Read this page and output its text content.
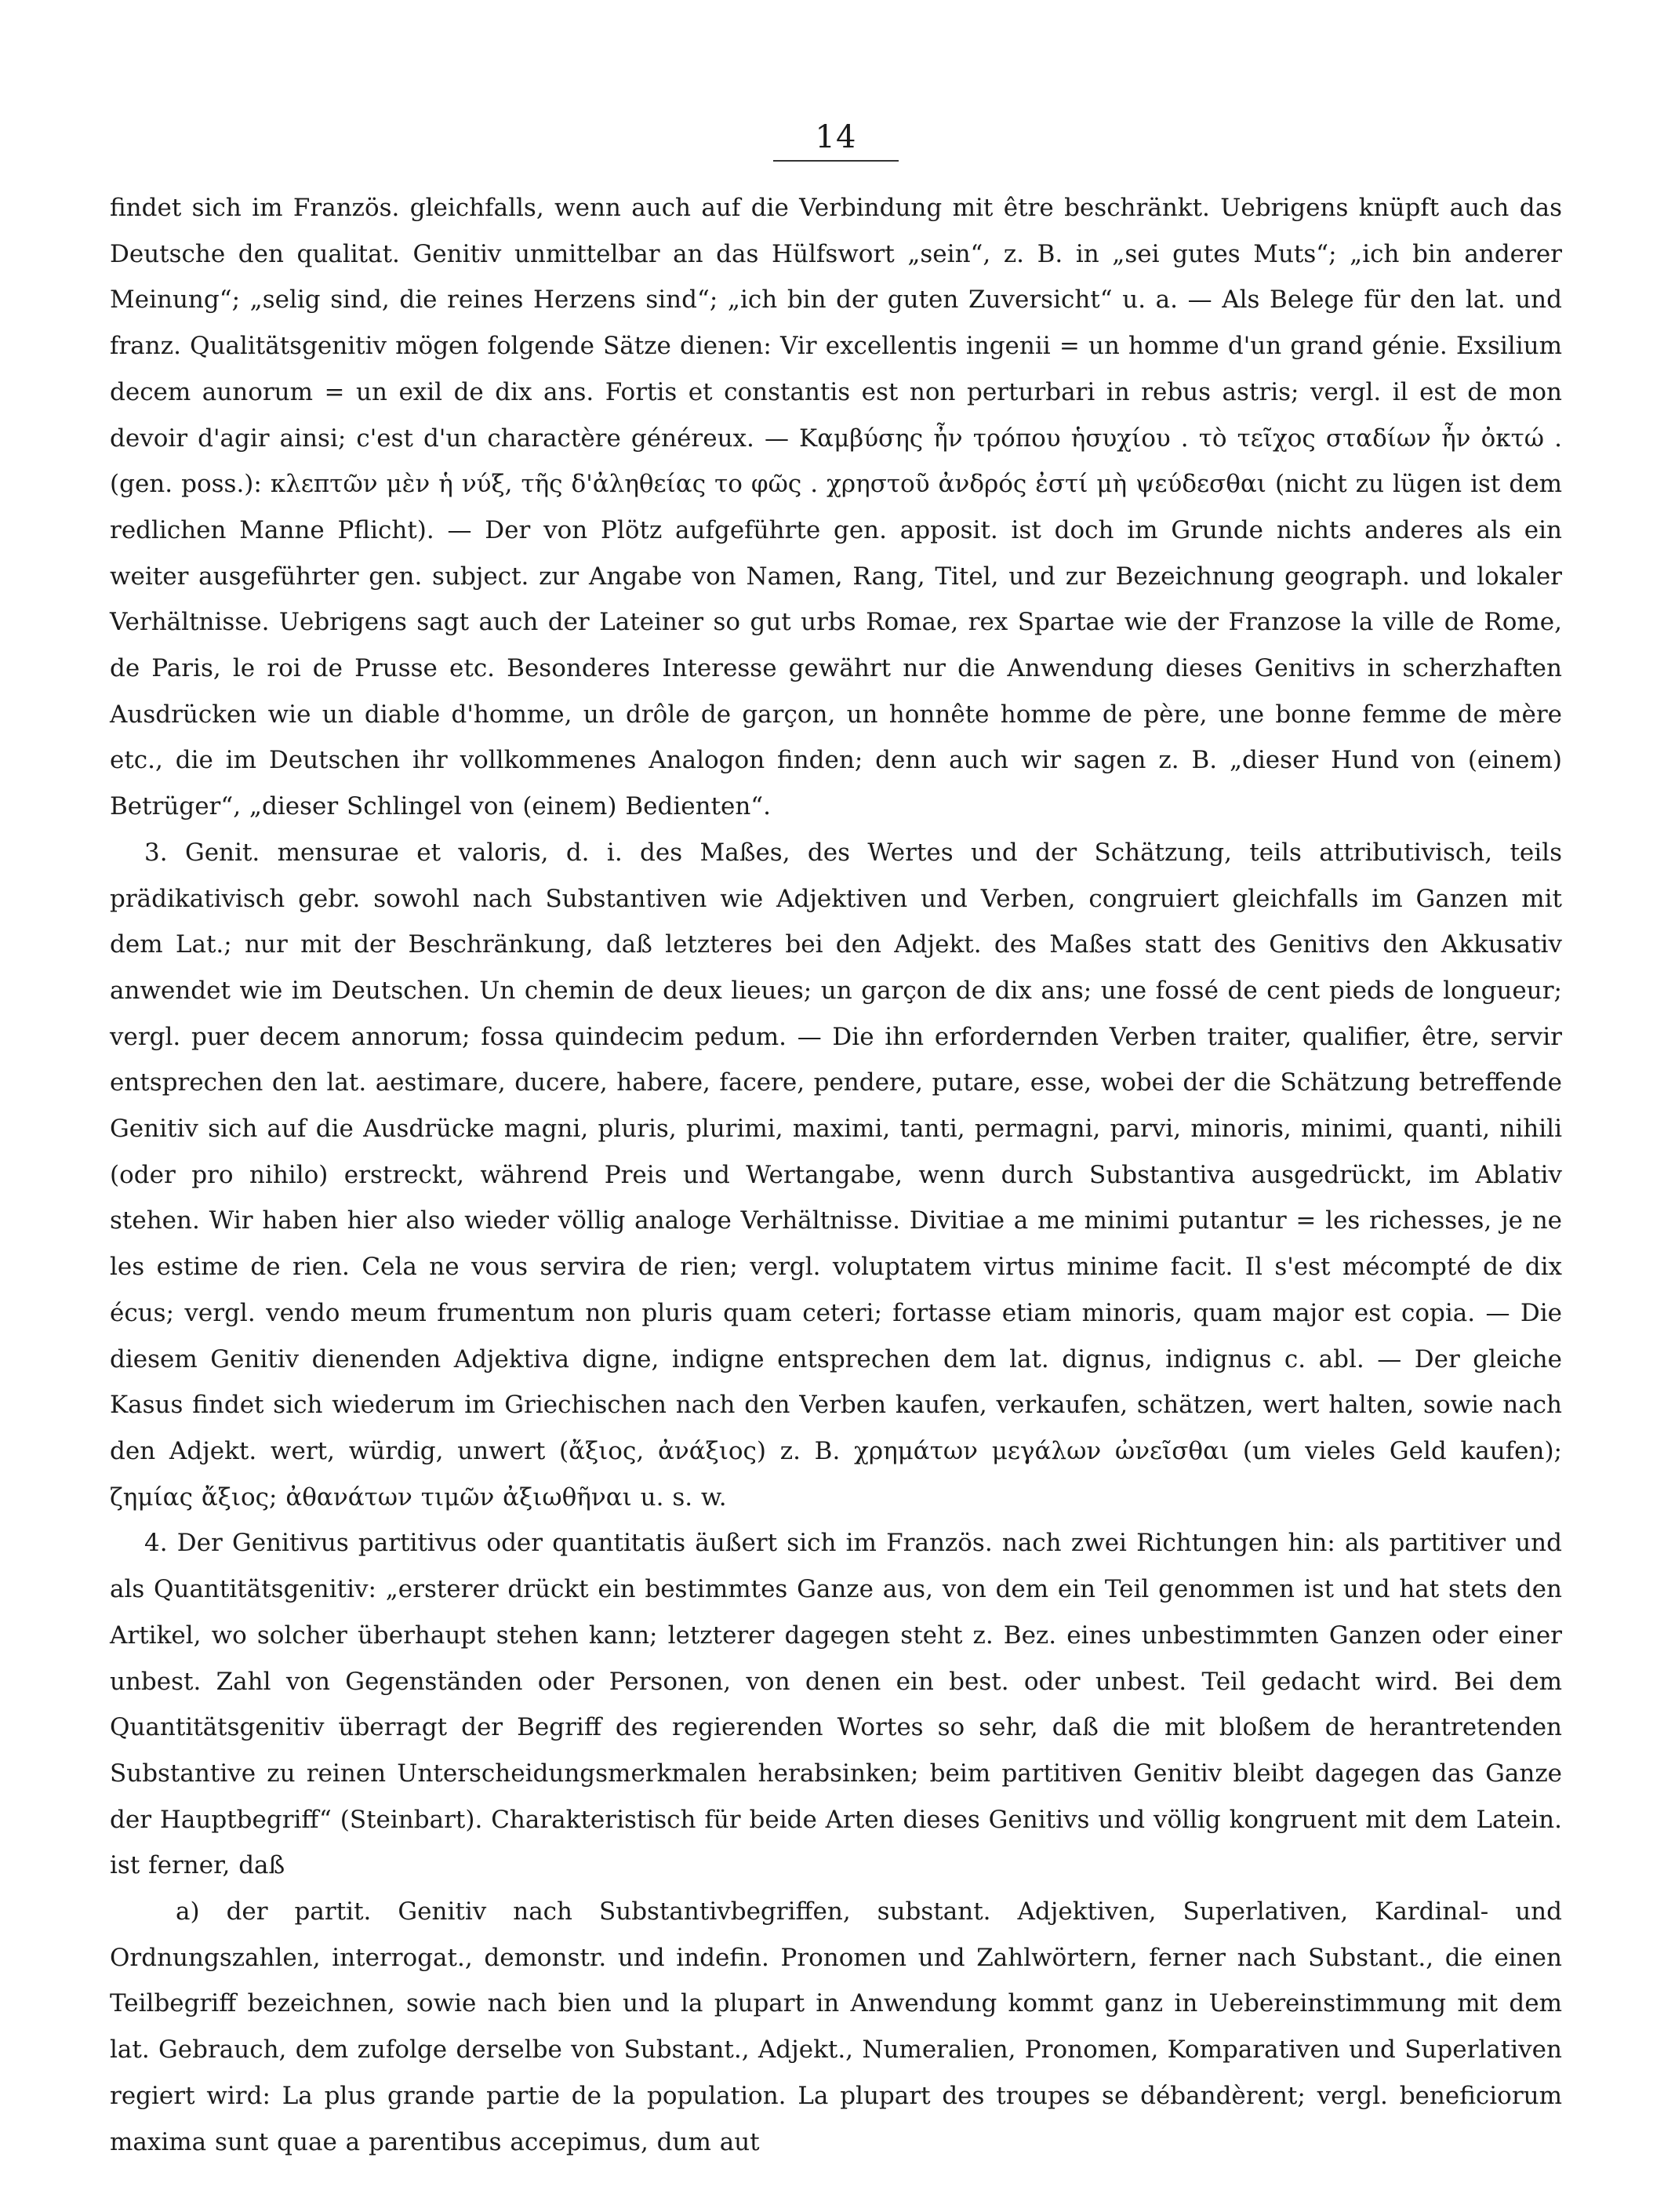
14

findet sich im Französ. gleichfalls, wenn auch auf die Verbindung mit être beschränkt. Uebrigens knüpft auch das Deutsche den qualitat. Genitiv unmittelbar an das Hülfswort „sein“, z. B. in „sei gutes Muts“; „ich bin anderer Meinung“; „selig sind, die reines Herzens sind“; „ich bin der guten Zuversicht“ u. a. — Als Belege für den lat. und franz. Qualitätsgenitiv mögen folgende Sätze dienen: Vir excellentis ingenii = un homme d'un grand génie. Exsilium decem aunorum = un exil de dix ans. Fortis et constantis est non perturbari in rebus astris; vergl. il est de mon devoir d'agir ainsi; c'est d'un charactère généreux. — Καμβύσης ἦν τρόπου ἡσυχίου . τὸ τεῖχος σταδίων ἦν ὀκτώ . (gen. poss.): κλεπτῶν μὲν ἡ νύξ, τῆς δ'ἀληθείας το φῶς . χρηστοῦ ἀνδρός ἐστί μὴ ψεύδεσθαι (nicht zu lügen ist dem redlichen Manne Pflicht). — Der von Plötz aufgeführte gen. apposit. ist doch im Grunde nichts anderes als ein weiter ausgeführter gen. subject. zur Angabe von Namen, Rang, Titel, und zur Bezeichnung geograph. und lokaler Verhältnisse. Uebrigens sagt auch der Lateiner so gut urbs Romae, rex Spartae wie der Franzose la ville de Rome, de Paris, le roi de Prusse etc. Besonderes Interesse gewährt nur die Anwendung dieses Genitivs in scherzhaften Ausdrücken wie un diable d'homme, un drôle de garçon, un honnête homme de père, une bonne femme de mère etc., die im Deutschen ihr vollkommenes Analogon finden; denn auch wir sagen z. B. „dieser Hund von (einem) Betrüger“, „dieser Schlingel von (einem) Bedienten“.

3. Genit. mensurae et valoris, d. i. des Maßes, des Wertes und der Schätzung, teils attributivisch, teils prädikativisch gebr. sowohl nach Substantiven wie Adjektiven und Verben, congruiert gleichfalls im Ganzen mit dem Lat.; nur mit der Beschränkung, daß letzteres bei den Adjekt. des Maßes statt des Genitivs den Akkusativ anwendet wie im Deutschen. Un chemin de deux lieues; un garçon de dix ans; une fossé de cent pieds de longueur; vergl. puer decem annorum; fossa quindecim pedum. — Die ihn erfordernden Verben traiter, qualifier, être, servir entsprechen den lat. aestimare, ducere, habere, facere, pendere, putare, esse, wobei der die Schätzung betreffende Genitiv sich auf die Ausdrücke magni, pluris, plurimi, maximi, tanti, permagni, parvi, minoris, minimi, quanti, nihili (oder pro nihilo) erstreckt, während Preis und Wertangabe, wenn durch Substantiva ausgedrückt, im Ablativ stehen. Wir haben hier also wieder völlig analoge Verhältnisse. Divitiae a me minimi putantur = les richesses, je ne les estime de rien. Cela ne vous servira de rien; vergl. voluptatem virtus minime facit. Il s'est mécompté de dix écus; vergl. vendo meum frumentum non pluris quam ceteri; fortasse etiam minoris, quam major est copia. — Die diesem Genitiv dienenden Adjektiva digne, indigne entsprechen dem lat. dignus, indignus c. abl. — Der gleiche Kasus findet sich wiederum im Griechischen nach den Verben kaufen, verkaufen, schätzen, wert halten, sowie nach den Adjekt. wert, würdig, unwert (ἄξιος, ἀνάξιος) z. B. χρημάτων μεγάλων ὠνεῖσθαι (um vieles Geld kaufen); ζημίας ἄξιος; ἀθανάτων τιμῶν ἀξιωθῆναι u. s. w.

4. Der Genitivus partitivus oder quantitatis äußert sich im Französ. nach zwei Richtungen hin: als partitiver und als Quantitätsgenitiv: „ersterer drückt ein bestimmtes Ganze aus, von dem ein Teil genommen ist und hat stets den Artikel, wo solcher überhaupt stehen kann; letzterer dagegen steht z. Bez. eines unbestimmten Ganzen oder einer unbest. Zahl von Gegenständen oder Personen, von denen ein best. oder unbest. Teil gedacht wird. Bei dem Quantitätsgenitiv überragt der Begriff des regierenden Wortes so sehr, daß die mit bloßem de herantretenden Substantive zu reinen Unterscheidungsmerkmalen herabsinken; beim partitiven Genitiv bleibt dagegen das Ganze der Hauptbegriff“ (Steinbart). Charakteristisch für beide Arten dieses Genitivs und völlig kongruent mit dem Latein. ist ferner, daß

a) der partit. Genitiv nach Substantivbegriffen, substant. Adjektiven, Superlativen, Kardinal- und Ordnungszahlen, interrogat., demonstr. und indefin. Pronomen und Zahlwörtern, ferner nach Substant., die einen Teilbegriff bezeichnen, sowie nach bien und la plupart in Anwendung kommt ganz in Uebereinstimmung mit dem lat. Gebrauch, dem zufolge derselbe von Substant., Adjekt., Numeralien, Pronomen, Komparativen und Superlativen regiert wird: La plus grande partie de la population. La plupart des troupes se débandèrent; vergl. beneficiorum maxima sunt quae a parentibus accepimus, dum aut
